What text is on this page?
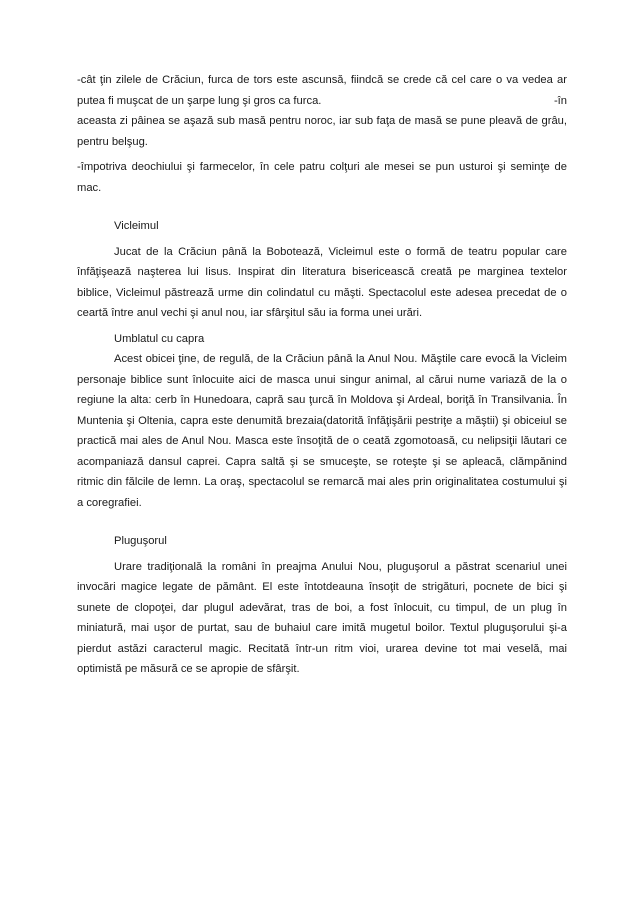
-cât ţin zilele de Crăciun, furca de tors este ascunsă, fiindcă se crede că cel care o va vedea ar putea fi muşcat de un şarpe lung şi gros ca furca.	-în

aceasta zi pâinea se aşază sub masă pentru noroc, iar sub faţa de masă se pune pleavă de grâu, pentru belşug.

-împotriva deochiului şi farmecelor, în cele patru colţuri ale mesei se pun usturoi şi seminţe de mac.

Vicleimul

Jucat de la Crăciun până la Bobotează, Vicleimul este o formă de teatru popular care înfăţişează naşterea lui Iisus. Inspirat din literatura bisericească creată pe marginea textelor biblice, Vicleimul păstrează urme din colindatul cu măşti. Spectacolul este adesea precedat de o ceartă între anul vechi şi anul nou, iar sfârşitul său ia forma unei urări.

Umblatul cu capra

Acest obicei ţine, de regulă, de la Crăciun până la Anul Nou. Măştile care evocă la Vicleim personaje biblice sunt înlocuite aici de masca unui singur animal, al cărui nume variază de la o regiune la alta: cerb în Hunedoara, capră sau ţurcă în Moldova şi Ardeal, boriţă în Transilvania. În Muntenia şi Oltenia, capra este denumită brezaia(datorită înfăţişării pestriţe a măştii) şi obiceiul se practică mai ales de Anul Nou. Masca este însoţită de o ceată zgomotoasă, cu nelipsiţii lăutari ce acompaniază dansul caprei. Capra saltă şi se smuceşte, se roteşte şi se apleacă, clămpănind ritmic din fălcile de lemn. La oraş, spectacolul se remarcă mai ales prin originalitatea costumului şi a coregrafiei.

Pluguşorul

Urare tradiţională la români în preajma Anului Nou, pluguşorul a păstrat scenariul unei invocări magice legate de pământ. El este întotdeauna însoţit de strigături, pocnete de bici şi sunete de clopoţei, dar plugul adevărat, tras de boi, a fost înlocuit, cu timpul, de un plug în miniatură, mai uşor de purtat, sau de buhaiul care imită mugetul boilor. Textul pluguşorului şi-a pierdut astăzi caracterul magic. Recitată într-un ritm vioi, urarea devine tot mai veselă, mai optimistă pe măsură ce se apropie de sfârşit.
